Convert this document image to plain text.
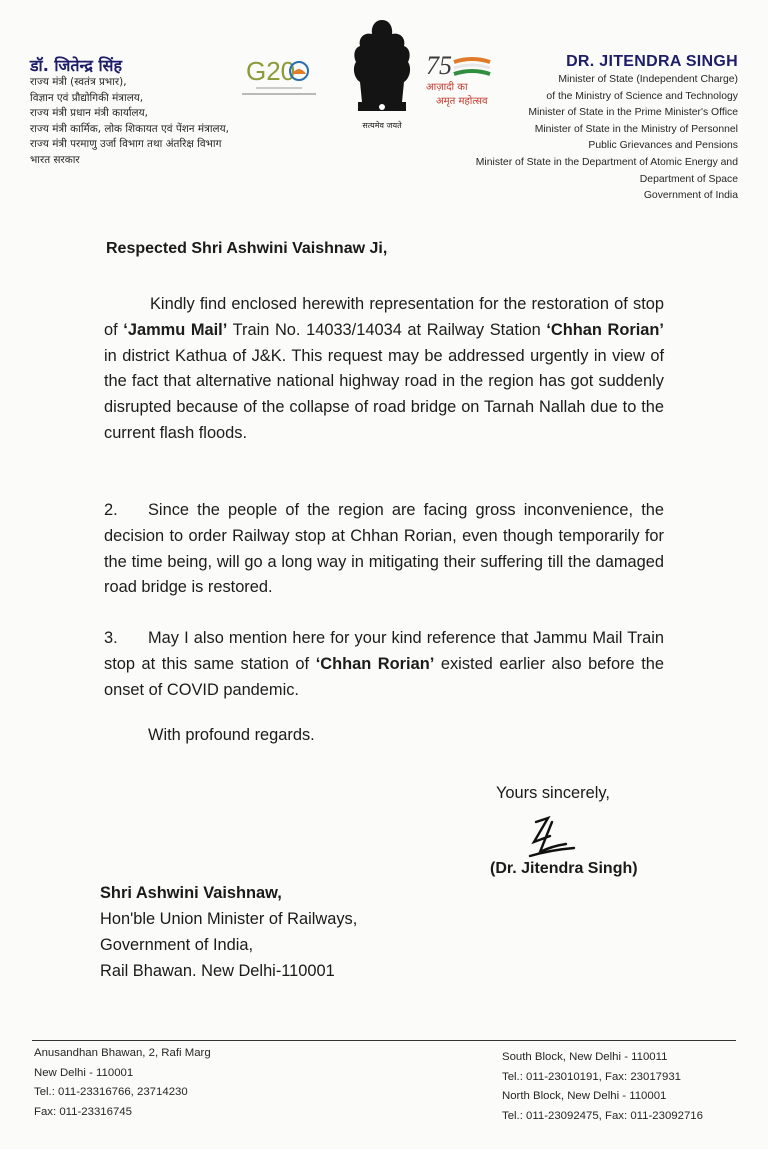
डॉ. जितेन्द्र सिंह
राज्य मंत्री (स्वतंत्र प्रभार),
विज्ञान एवं प्रौद्योगिकी मंत्रालय,
राज्य मंत्री प्रधान मंत्री कार्यालय,
राज्य मंत्री कार्मिक, लोक शिकायत एवं पेंशन मंत्रालय,
राज्य मंत्री परमाणु उर्जा विभाग तथा अंतरिक्ष विभाग
भारत सरकार
G20
सत्यमेव जयते
75
आज़ादी का
अमृत महोत्सव
DR. JITENDRA SINGH
Minister of State (Independent Charge)
of the Ministry of Science and Technology
Minister of State in the Prime Minister's Office
Minister of State in the Ministry of Personnel
Public Grievances and Pensions
Minister of State in the Department of Atomic Energy and
Department of Space
Government of India
Respected Shri Ashwini Vaishnaw Ji,
Kindly find enclosed herewith representation for the restoration of stop of ‘Jammu Mail’ Train No. 14033/14034 at Railway Station ‘Chhan Rorian’ in district Kathua of J&K. This request may be addressed urgently in view of the fact that alternative national highway road in the region has got suddenly disrupted because of the collapse of road bridge on Tarnah Nallah due to the current flash floods.
2. Since the people of the region are facing gross inconvenience, the decision to order Railway stop at Chhan Rorian, even though temporarily for the time being, will go a long way in mitigating their suffering till the damaged road bridge is restored.
3. May I also mention here for your kind reference that Jammu Mail Train stop at this same station of ‘Chhan Rorian’ existed earlier also before the onset of COVID pandemic.
With profound regards.
Yours sincerely,
(Dr. Jitendra Singh)
Shri Ashwini Vaishnaw,
Hon'ble Union Minister of Railways,
Government of India,
Rail Bhawan. New Delhi-110001
Anusandhan Bhawan, 2, Rafi Marg
New Delhi - 110001
Tel.: 011-23316766, 23714230
Fax: 011-23316745
South Block, New Delhi - 110011
Tel.: 011-23010191, Fax: 23017931
North Block, New Delhi - 110001
Tel.: 011-23092475, Fax: 011-23092716
